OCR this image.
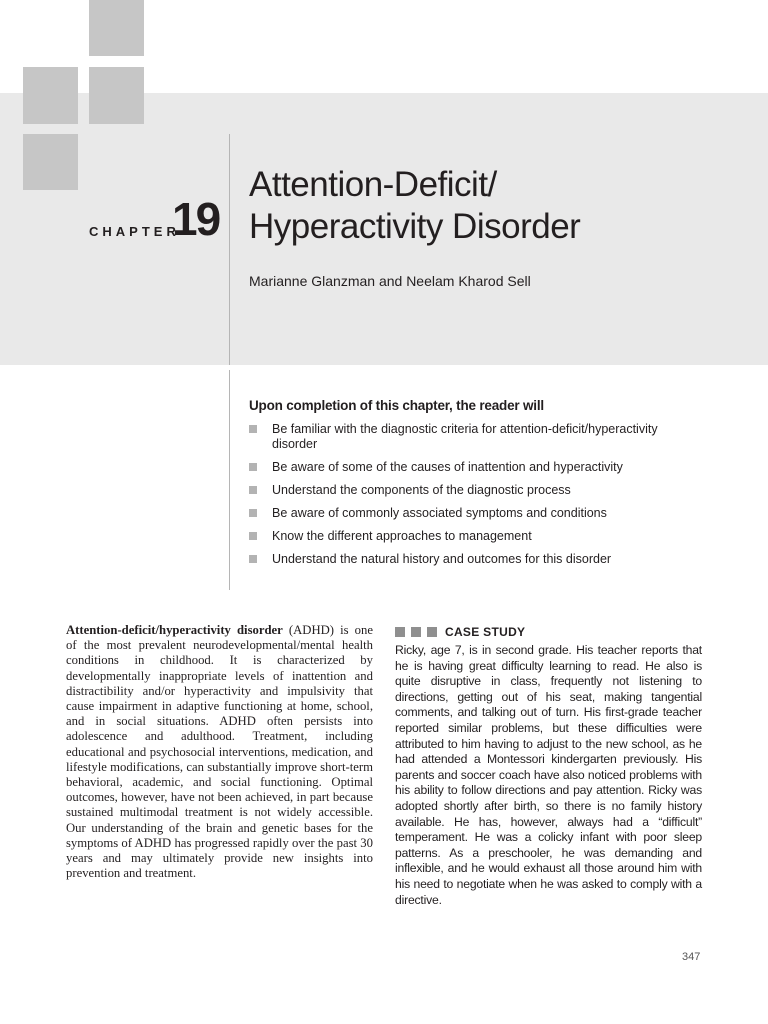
CHAPTER
19
Attention-Deficit/
Hyperactivity Disorder
Marianne Glanzman and Neelam Kharod Sell
Upon completion of this chapter, the reader will
Be familiar with the diagnostic criteria for attention-deficit/hyperactivity disorder
Be aware of some of the causes of inattention and hyperactivity
Understand the components of the diagnostic process
Be aware of commonly associated symptoms and conditions
Know the different approaches to management
Understand the natural history and outcomes for this disorder

Attention-deficit/hyperactivity disorder (ADHD) is one of the most prevalent neurodevelopmental/mental health conditions in childhood. It is characterized by developmentally inappropriate levels of inattention and distractibility and/or hyperactivity and impulsivity that cause impairment in adaptive functioning at home, school, and in social situations. ADHD often persists into adolescence and adulthood. Treatment, including educational and psychosocial interventions, medication, and lifestyle modifications, can substantially improve short-term behavioral, academic, and social functioning. Optimal outcomes, however, have not been achieved, in part because sustained multimodal treatment is not widely accessible. Our understanding of the brain and genetic bases for the symptoms of ADHD has progressed rapidly over the past 30 years and may ultimately provide new insights into prevention and treatment.

CASE STUDY

Ricky, age 7, is in second grade. His teacher reports that he is having great difficulty learning to read. He also is quite disruptive in class, frequently not listening to directions, getting out of his seat, making tangential comments, and talking out of turn. His first-grade teacher reported similar problems, but these difficulties were attributed to him having to adjust to the new school, as he had attended a Montessori kindergarten previously. His parents and soccer coach have also noticed problems with his ability to follow directions and pay attention. Ricky was adopted shortly after birth, so there is no family history available. He has, however, always had a “difficult” temperament. He was a colicky infant with poor sleep patterns. As a preschooler, he was demanding and inflexible, and he would exhaust all those around him with his need to negotiate when he was asked to comply with a directive.

347
